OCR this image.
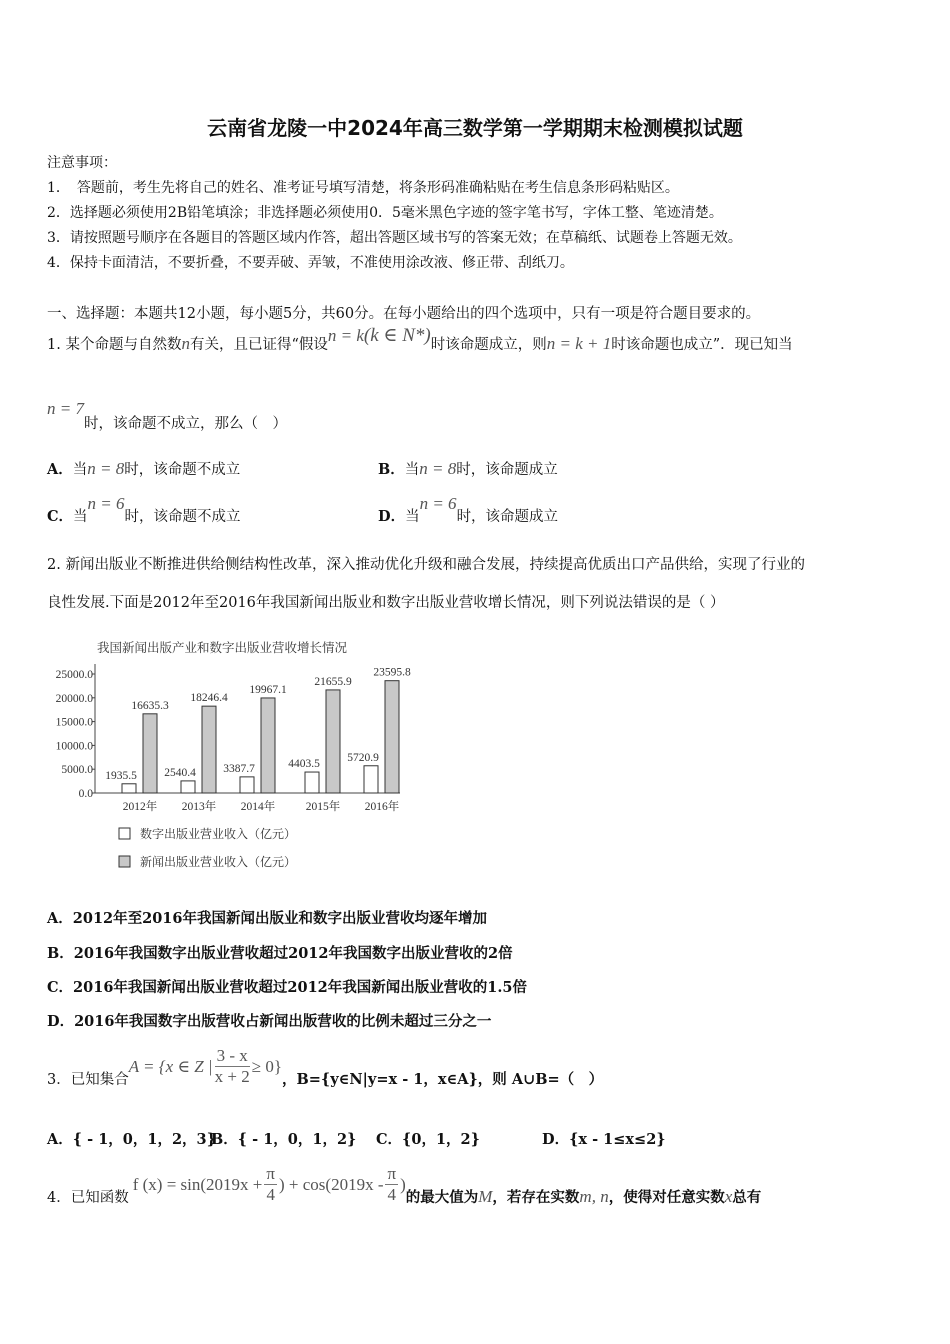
云南省龙陵一中2024年高三数学第一学期期末检测模拟试题
注意事项：
1．　答题前，考生先将自己的姓名、准考证号填写清楚，将条形码准确粘贴在考生信息条形码粘贴区。
2．选择题必须使用2B铅笔填涂；非选择题必须使用0．5毫米黑色字迹的签字笔书写，字体工整、笔迹清楚。
3．请按照题号顺序在各题目的答题区域内作答，超出答题区域书写的答案无效；在草稿纸、试题卷上答题无效。
4．保持卡面清洁，不要折叠，不要弄破、弄皱，不准使用涂改液、修正带、刮纸刀。
一、选择题：本题共12小题，每小题5分，共60分。在每小题给出的四个选项中，只有一项是符合题目要求的。
1. 某个命题与自然数n有关，且已证得“假设n = k(k ∈ N*)时该命题成立，则n = k + 1时该命题也成立”．现已知当
n = 7时，该命题不成立，那么（　）
A．当n = 8时，该命题不成立	B．当n = 8时，该命题成立
C．当n = 6时，该命题不成立	D．当n = 6时，该命题成立
2. 新闻出版业不断推进供给侧结构性改革，深入推动优化升级和融合发展，持续提高优质出口产品供给，实现了行业的
良性发展.下面是2012年至2016年我国新闻出版业和数字出版业营收增长情况，则下列说法错误的是（ ）
我国新闻出版产业和数字出版业营收增长情况
0.0
5000.0
10000.0
15000.0
20000.0
25000.0
2012年 2013年 2014年	2015年 2016年
1935.5
16635.3
2540.4
18246.4
3387.7
19967.1
4403.5
21655.9
5720.9
23595.8
数字出版业营业收入（亿元）
新闻出版业营业收入（亿元）
A．2012年至2016年我国新闻出版业和数字出版业营收均逐年增加
B．2016年我国数字出版业营收超过2012年我国数字出版业营收的2倍
C．2016年我国新闻出版业营收超过2012年我国新闻出版业营收的1.5倍
D．2016年我国数字出版营收占新闻出版营收的比例未超过三分之一
3．已知集合
A = {x ∈ Z | $\frac{3 - x}{x + 2} \ge 0$}
，B={y∈N|y=x - 1，x∈A}，则 A∪B=（　）
A．{ - 1，0，1，2，3}
B．{ - 1，0，1，2} C．{0，1，2}	D．{x - 1≤x≤2}
4．已知函数
f $(x) = \sin(2019x + \frac{\pi}{4}$ ) + $\cos(2019x - \frac{\pi}{4}$ )
的最大值为 M ，若存在实数 m, n ，使得对任意实数 x 总有
